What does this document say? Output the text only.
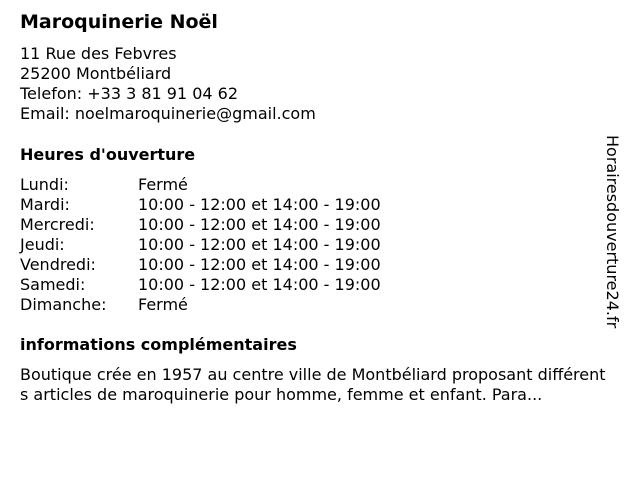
Maroquinerie Noël
11 Rue des Febvres
25200 Montbéliard
Telefon: +33 3 81 91 04 62
Email: noelmaroquinerie@gmail.com
Heures d'ouverture
Lundi:	Fermé
Mardi:	10:00 - 12:00 et 14:00 - 19:00
Mercredi:	10:00 - 12:00 et 14:00 - 19:00
Jeudi:	10:00 - 12:00 et 14:00 - 19:00
Vendredi:	10:00 - 12:00 et 14:00 - 19:00
Samedi:	10:00 - 12:00 et 14:00 - 19:00
Dimanche:	Fermé
informations complémentaires
Boutique crée en 1957 au centre ville de Montbéliard proposant différents articles de maroquinerie pour homme, femme et enfant. Para...
Horairesdouverture24.fr
